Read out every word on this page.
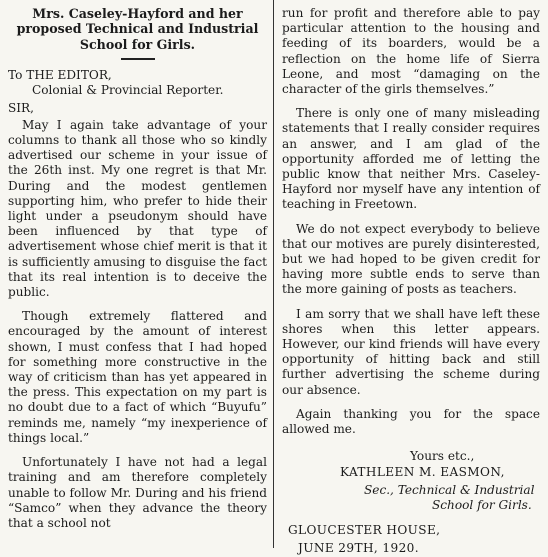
Mrs. Caseley-Hayford and her proposed Technical and Industrial School for Girls.
To THE EDITOR,
Colonial & Provincial Reporter.
SIR,

May I again take advantage of your columns to thank all those who so kindly advertised our scheme in your issue of the 26th inst. My one regret is that Mr. During and the modest gentlemen supporting him, who prefer to hide their light under a pseudonym should have been influenced by that type of advertisement whose chief merit is that it is sufficiently amusing to disguise the fact that its real intention is to deceive the public.

Though extremely flattered and encouraged by the amount of interest shown, I must confess that I had hoped for something more constructive in the way of criticism than has yet appeared in the press. This expectation on my part is no doubt due to a fact of which “Buyufu” reminds me, namely “my inexperience of things local.”

Unfortunately I have not had a legal training and am therefore completely unable to follow Mr. During and his friend “Samco” when they advance the theory that a school not

run for profit and therefore able to pay particular attention to the housing and feeding of its boarders, would be a reflection on the home life of Sierra Leone, and most “damaging on the character of the girls themselves.”

There is only one of many misleading statements that I really consider requires an answer, and I am glad of the opportunity afforded me of letting the public know that neither Mrs. Caseley-Hayford nor myself have any intention of teaching in Freetown.

We do not expect everybody to believe that our motives are purely disinterested, but we had hoped to be given credit for having more subtle ends to serve than the more gaining of posts as teachers.

I am sorry that we shall have left these shores when this letter appears. However, our kind friends will have every opportunity of hitting back and still further advertising the scheme during our absence.

Again thanking you for the space allowed me.

Yours etc.,
KATHLEEN M. EASMON,
Sec., Technical & Industrial
School for Girls.
GLOUCESTER HOUSE,
JUNE 29TH, 1920.
